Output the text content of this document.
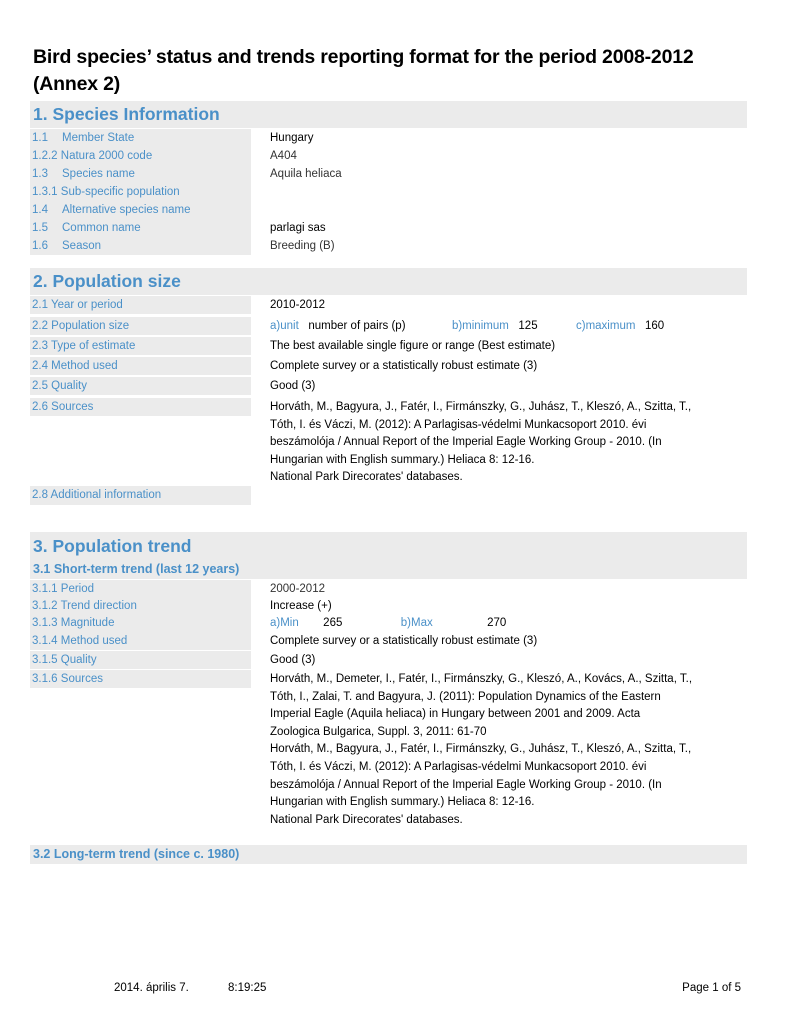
Bird species’ status and trends reporting format for the period 2008-2012 (Annex 2)
1. Species Information
1.1 Member State	Hungary
1.2.2 Natura 2000 code	A404
1.3 Species name	Aquila heliaca
1.3.1 Sub-specific population
1.4 Alternative species name
1.5 Common name	parlagi sas
1.6 Season	Breeding (B)
2. Population size
2.1 Year or period	2010-2012
2.2 Population size	a)unit number of pairs (p)	b)minimum 125	c)maximum 160
2.3 Type of estimate	The best available single figure or range (Best estimate)
2.4 Method used	Complete survey or a statistically robust estimate (3)
2.5 Quality	Good (3)
2.6 Sources	Horváth, M., Bagyura, J., Fatér, I., Firmánszky, G., Juhász, T., Kleszó, A., Szitta, T.,
Tóth, I. és Váczi, M. (2012): A Parlagisas-védelmi Munkacsoport 2010. évi
beszámolója / Annual Report of the Imperial Eagle Working Group - 2010. (In
Hungarian with English summary.) Heliaca 8: 12-16.
National Park Direcorates' databases.
2.8 Additional information
3. Population trend
3.1 Short-term trend (last 12 years)
3.1.1 Period	2000-2012
3.1.2 Trend direction	Increase (+)
3.1.3 Magnitude	a)Min 265	b)Max	270
3.1.4 Method used	Complete survey or a statistically robust estimate (3)
3.1.5 Quality	Good (3)
3.1.6 Sources	Horváth, M., Demeter, I., Fatér, I., Firmánszky, G., Kleszó, A., Kovács, A., Szitta, T.,
Tóth, I., Zalai, T. and Bagyura, J. (2011): Population Dynamics of the Eastern
Imperial Eagle (Aquila heliaca) in Hungary between 2001 and 2009. Acta
Zoologica Bulgarica, Suppl. 3, 2011: 61-70
Horváth, M., Bagyura, J., Fatér, I., Firmánszky, G., Juhász, T., Kleszó, A., Szitta, T.,
Tóth, I. és Váczi, M. (2012): A Parlagisas-védelmi Munkacsoport 2010. évi
beszámolója / Annual Report of the Imperial Eagle Working Group - 2010. (In
Hungarian with English summary.) Heliaca 8: 12-16.
National Park Direcorates' databases.
3.2 Long-term trend (since c. 1980)
2014. április 7.	8:19:25	Page 1 of 5
